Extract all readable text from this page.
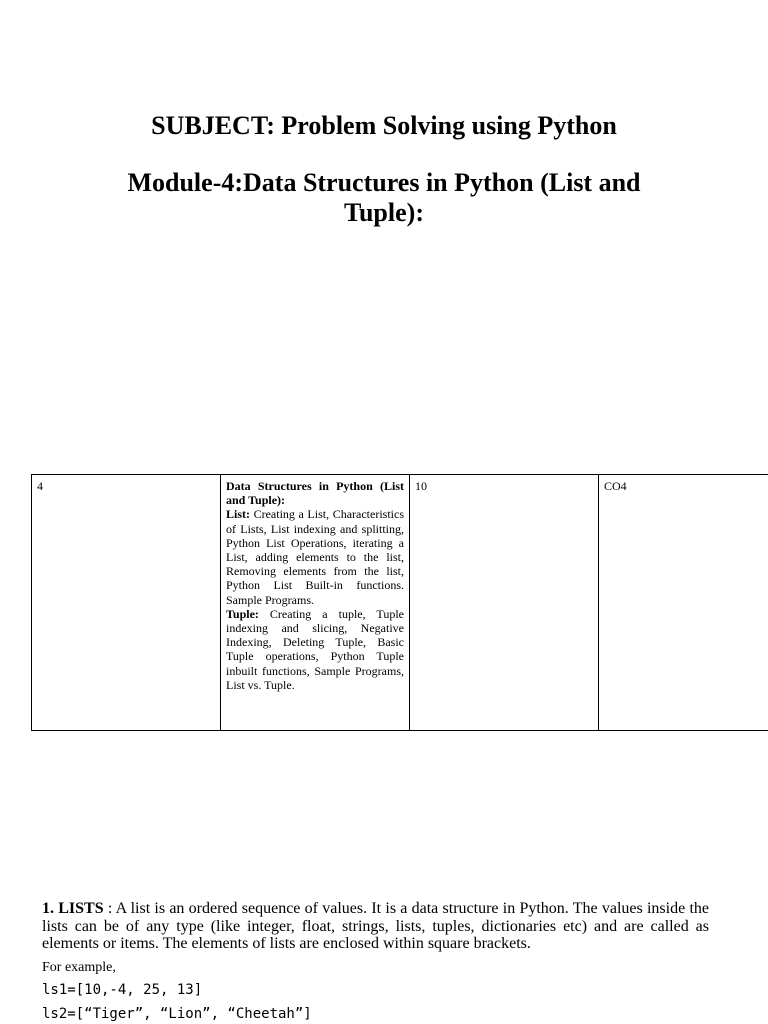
SUBJECT: Problem Solving using Python
Module-4:Data Structures in Python (List and Tuple):
4	Data Structures in Python (List and Tuple):
List: Creating a List, Characteristics of Lists, List indexing and splitting, Python List Operations, iterating a List, adding elements to the list, Removing elements from the list, Python List Built-in functions. Sample Programs.
Tuple: Creating a tuple, Tuple indexing and slicing, Negative Indexing, Deleting Tuple, Basic Tuple operations, Python Tuple inbuilt functions, Sample Programs, List vs. Tuple.	10	CO4
1. LISTS : A list is an ordered sequence of values. It is a data structure in Python. The values inside the lists can be of any type (like integer, float, strings, lists, tuples, dictionaries etc) and are called as elements or items. The elements of lists are enclosed within square brackets.
For example,
ls1=[10,-4, 25, 13]
ls2=[“Tiger”, “Lion”, “Cheetah”]
